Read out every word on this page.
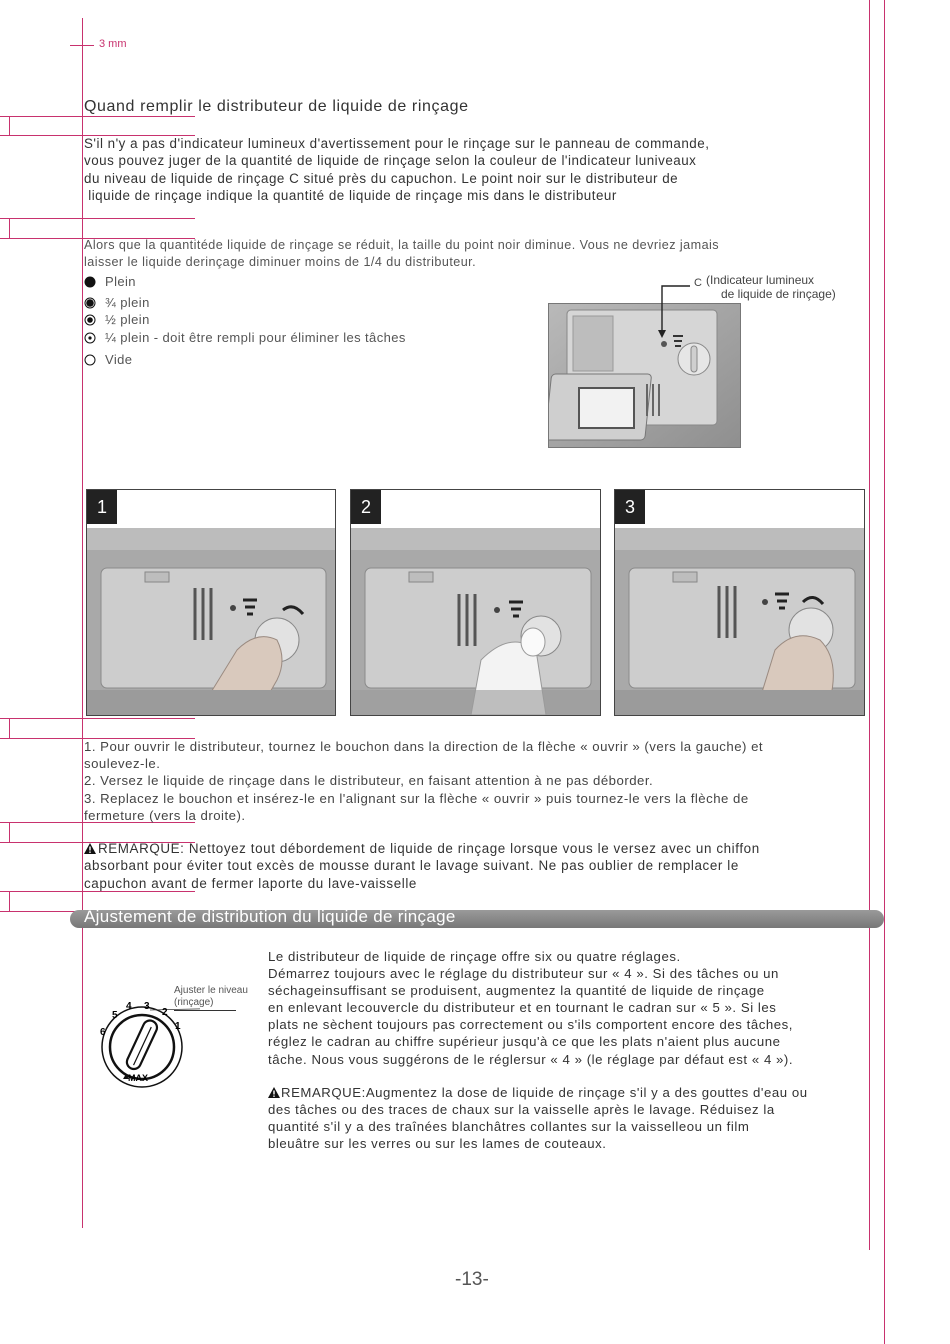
3 mm
Quand remplir le distributeur de liquide de rinçage
S'il n'y a pas d'indicateur lumineux d'avertissement pour le rinçage sur le panneau de commande,
vous pouvez juger de la quantité de liquide de rinçage selon la couleur de l'indicateur luniveaux
du niveau de liquide de rinçage C situé près du capuchon. Le point noir sur le distributeur de
liquide de rinçage indique la quantité de liquide de rinçage mis dans le distributeur
Alors que la quantitéde liquide de rinçage se réduit, la taille du point noir diminue. Vous ne devriez jamais
laisser le liquide derinçage diminuer moins de 1/4 du distributeur.
Plein
¾ plein
½ plein
¼ plein - doit être rempli pour éliminer les tâches
Vide
C (Indicateur lumineux
de liquide de rinçage)
1	2	3
1. Pour ouvrir le distributeur, tournez le bouchon dans la direction de la flèche « ouvrir » (vers la gauche) et
soulevez-le.
2. Versez le liquide de rinçage dans le distributeur, en faisant attention à ne pas déborder.
3. Replacez le bouchon et insérez-le en l'alignant sur la flèche « ouvrir » puis tournez-le vers la flèche de
fermeture (vers la droite).
REMARQUE: Nettoyez tout débordement de liquide de rinçage lorsque vous le versez avec un chiffon
absorbant pour éviter tout excès de mousse durant le lavage suivant. Ne pas oublier de remplacer le
capuchon avant de fermer laporte du lave-vaisselle
Ajustement de distribution du liquide de rinçage
Ajuster le niveau
(rinçage)
6
5
4 3
2
1
MAX
Le distributeur de liquide de rinçage offre six ou quatre réglages.
Démarrez toujours avec le réglage du distributeur sur « 4 ». Si des tâches ou un
séchageinsuffisant se produisent, augmentez la quantité de liquide de rinçage
en enlevant lecouvercle du distributeur et en tournant le cadran sur « 5 ». Si les
plats ne sèchent toujours pas correctement ou s'ils comportent encore des tâches,
réglez le cadran au chiffre supérieur jusqu'à ce que les plats n'aient plus aucune
tâche. Nous vous suggérons de le réglersur « 4 » (le réglage par défaut est « 4 »).
REMARQUE:Augmentez la dose de liquide de rinçage s'il y a des gouttes d'eau ou
des tâches ou des traces de chaux sur la vaisselle après le lavage. Réduisez la
quantité s'il y a des traînées blanchâtres collantes sur la vaisselleou un film
bleuâtre sur les verres ou sur les lames de couteaux.
-13-
